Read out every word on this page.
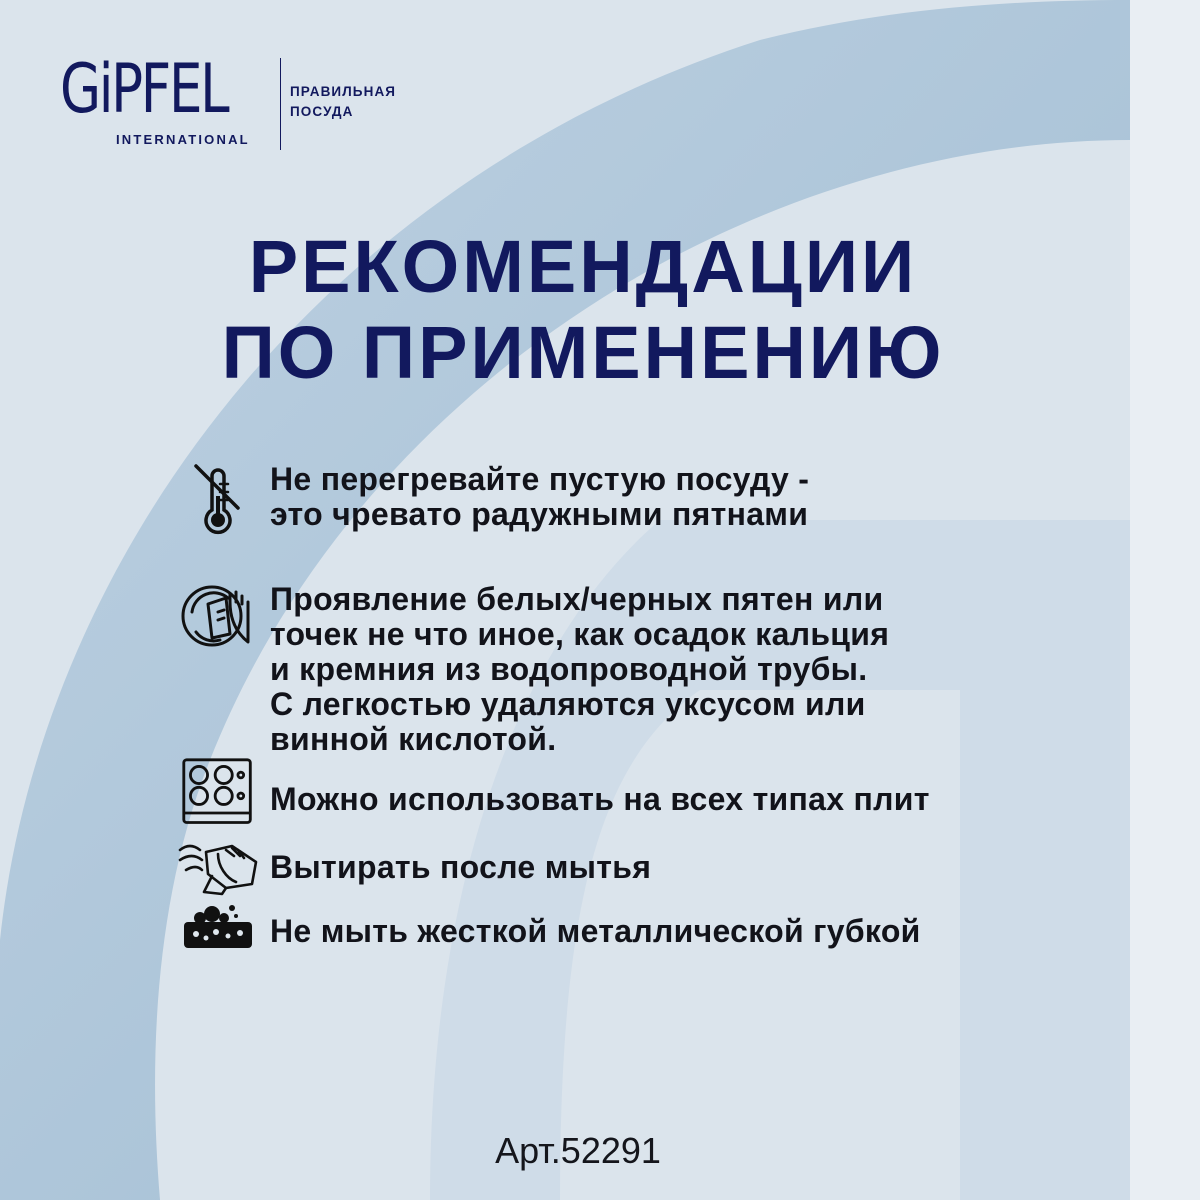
GiPFEL
INTERNATIONAL
ПРАВИЛЬНАЯ
ПОСУДА
РЕКОМЕНДАЦИИ
ПО ПРИМЕНЕНИЮ
Не перегревайте пустую посуду -
это чревато радужными пятнами
Проявление белых/черных пятен или
точек не что иное, как осадок кальция
и кремния из водопроводной трубы.
С легкостью удаляются уксусом или
винной кислотой.
Можно использовать на всех типах плит
Вытирать после мытья
Не мыть жесткой металлической губкой
Арт.52291
